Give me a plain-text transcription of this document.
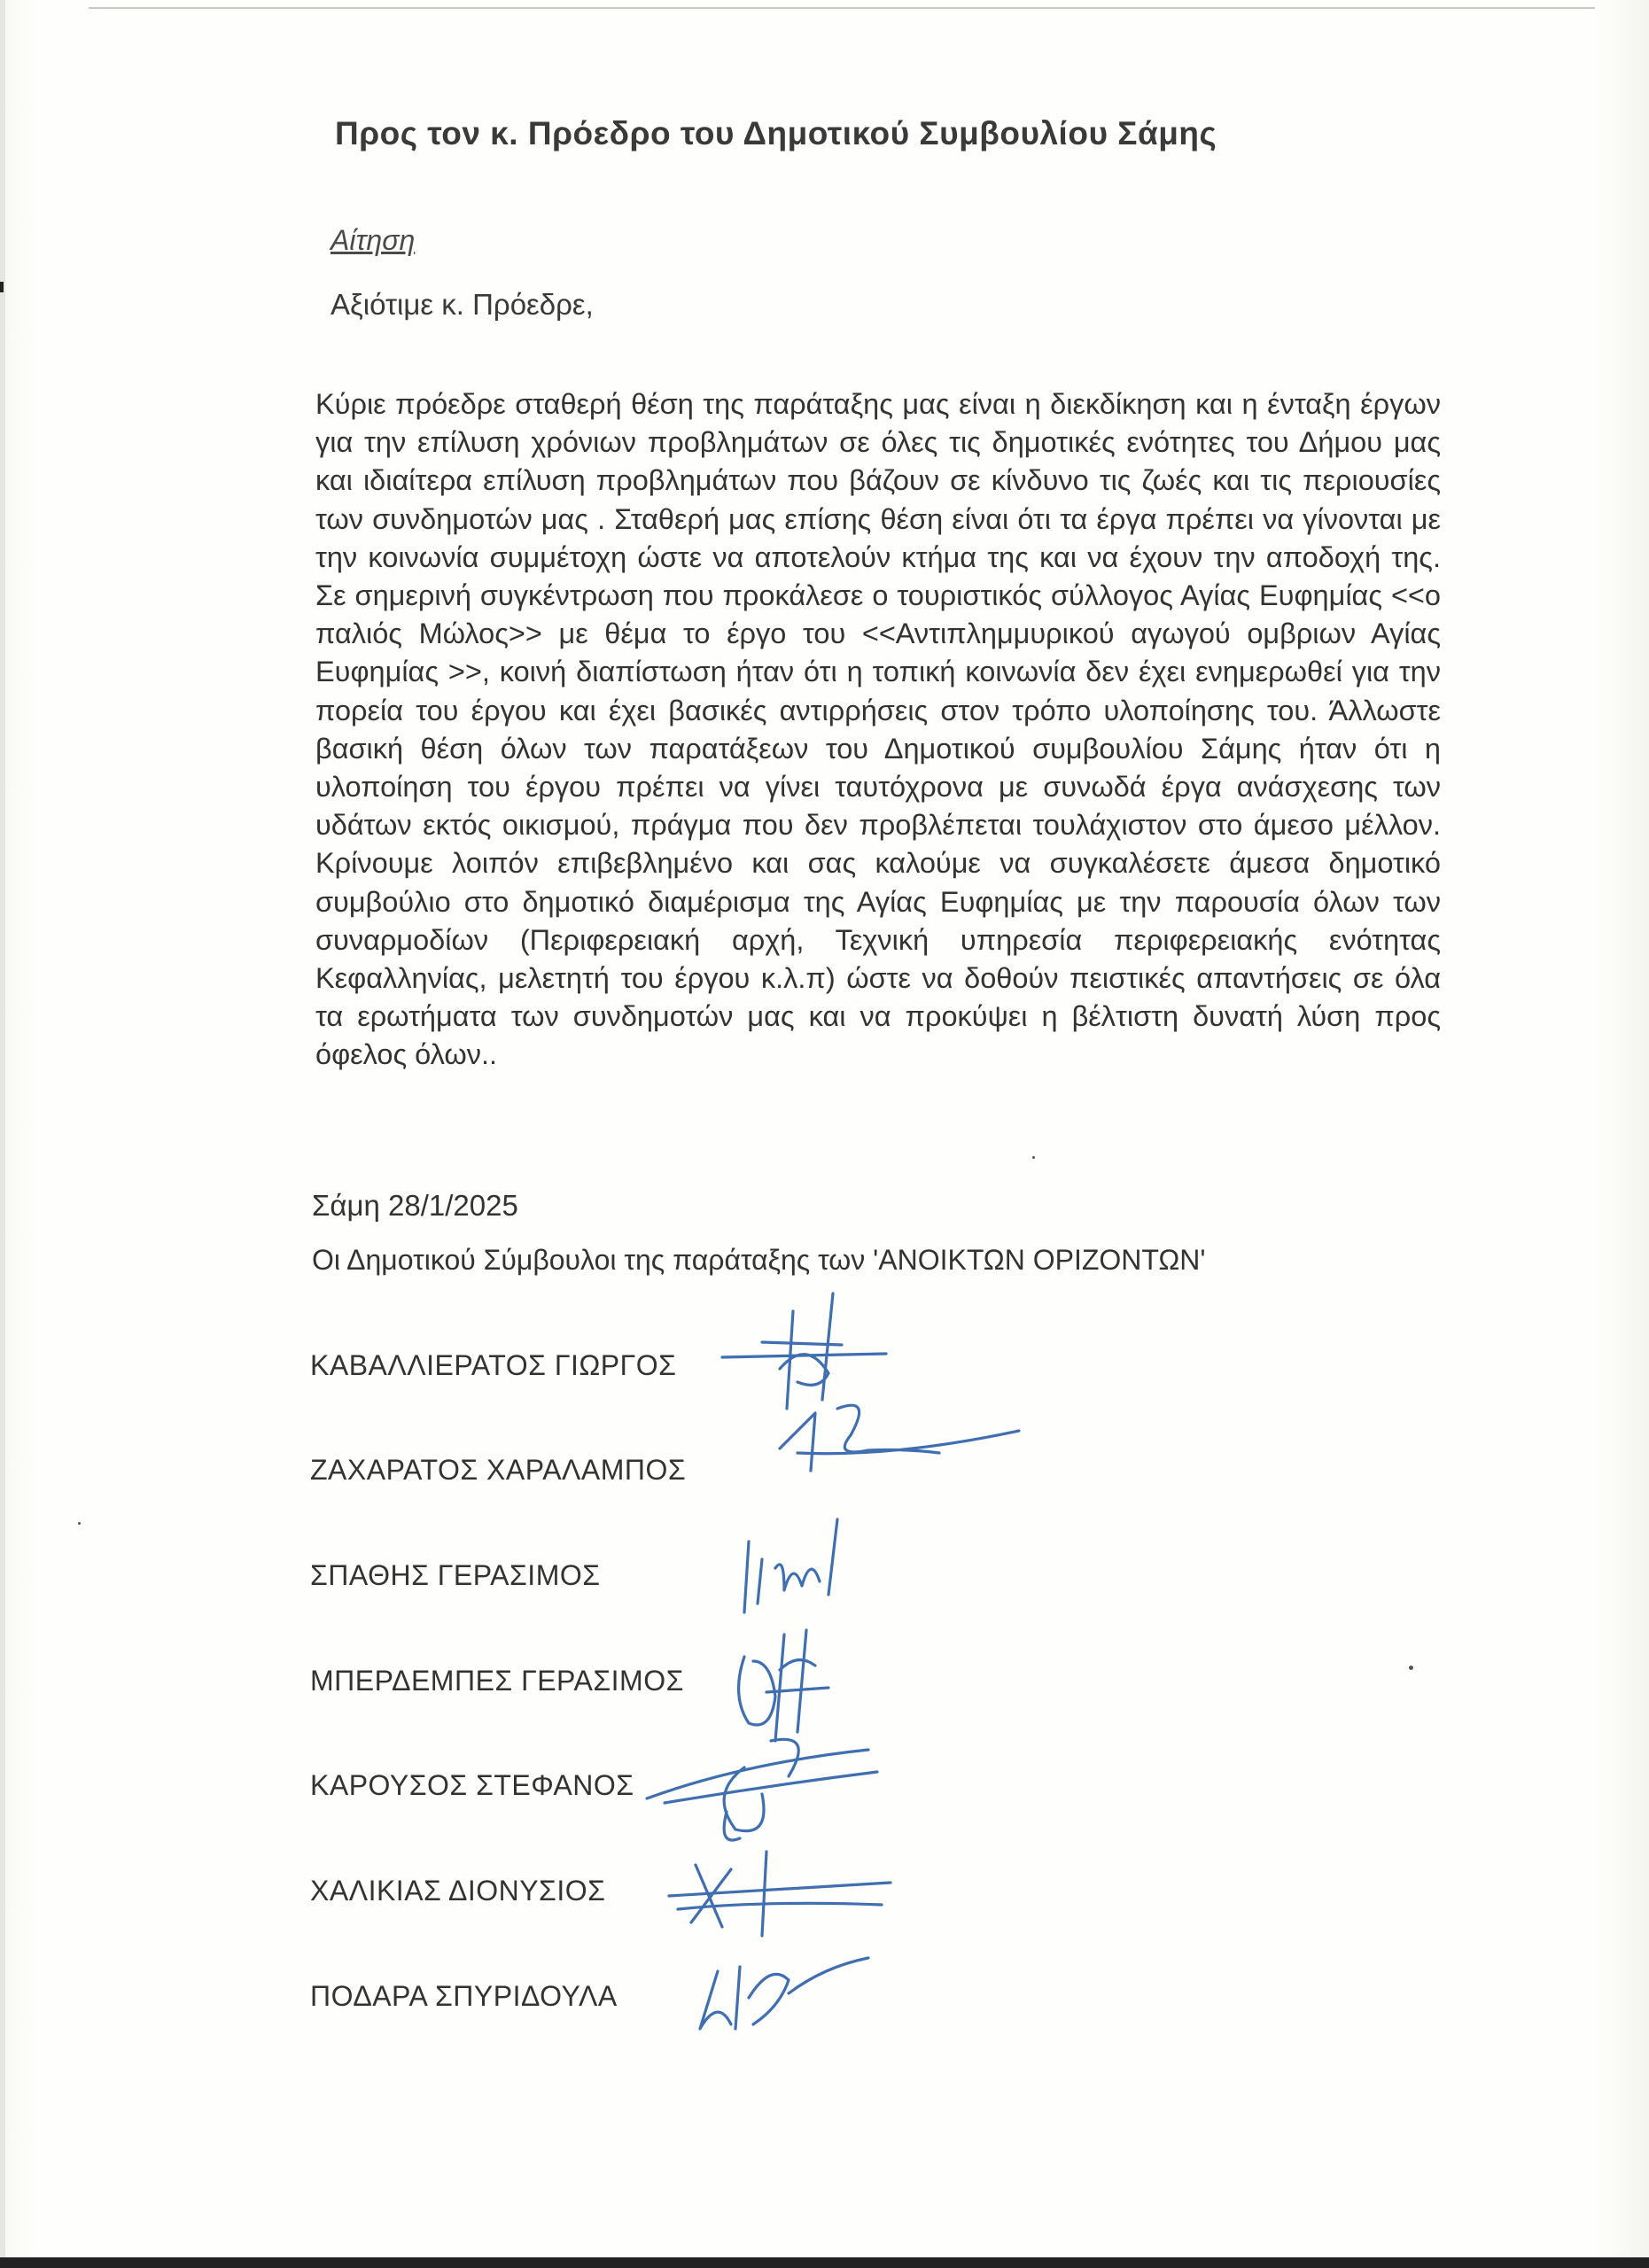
Προς τον κ. Πρόεδρο του Δημοτικού Συμβουλίου Σάμης
Αίτηση
Αξιότιμε κ. Πρόεδρε,

Κύριε πρόεδρε σταθερή θέση της παράταξης μας είναι η διεκδίκηση και η ένταξη έργων για την επίλυση χρόνιων προβλημάτων σε όλες τις δημοτικές ενότητες του Δήμου μας και ιδιαίτερα επίλυση προβλημάτων που βάζουν σε κίνδυνο τις ζωές και τις περιουσίες των συνδημοτών μας . Σταθερή μας επίσης θέση είναι ότι τα έργα πρέπει να γίνονται με την κοινωνία συμμέτοχη ώστε να αποτελούν κτήμα της και να έχουν την αποδοχή της. Σε σημερινή συγκέντρωση που προκάλεσε ο τουριστικός σύλλογος Αγίας Ευφημίας <<ο παλιός Μώλος>> με θέμα το έργο του <<Αντιπλημμυρικού αγωγού ομβριων Αγίας Ευφημίας >>, κοινή διαπίστωση ήταν ότι η τοπική κοινωνία δεν έχει ενημερωθεί για την πορεία του έργου και έχει βασικές αντιρρήσεις στον τρόπο υλοποίησης του. Άλλωστε βασική θέση όλων των παρατάξεων του Δημοτικού συμβουλίου Σάμης ήταν ότι η υλοποίηση του έργου πρέπει να γίνει ταυτόχρονα με συνωδά έργα ανάσχεσης των υδάτων εκτός οικισμού, πράγμα που δεν προβλέπεται τουλάχιστον στο άμεσο μέλλον. Κρίνουμε λοιπόν επιβεβλημένο και σας καλούμε να συγκαλέσετε άμεσα δημοτικό συμβούλιο στο δημοτικό διαμέρισμα της Αγίας Ευφημίας με την παρουσία όλων των συναρμοδίων (Περιφερειακή αρχή, Τεχνική υπηρεσία περιφερειακής ενότητας Κεφαλληνίας, μελετητή του έργου κ.λ.π) ώστε να δοθούν πειστικές απαντήσεις σε όλα τα ερωτήματα των συνδημοτών μας και να προκύψει η βέλτιστη δυνατή λύση προς όφελος όλων..

Σάμη 28/1/2025
Οι Δημοτικού Σύμβουλοι της παράταξης των 'ΑΝΟΙΚΤΩΝ ΟΡΙΖΟΝΤΩΝ'
ΚΑΒΑΛΛΙΕΡΑΤΟΣ ΓΙΩΡΓΟΣ
ΖΑΧΑΡΑΤΟΣ ΧΑΡΑΛΑΜΠΟΣ
ΣΠΑΘΗΣ ΓΕΡΑΣΙΜΟΣ
ΜΠΕΡΔΕΜΠΕΣ ΓΕΡΑΣΙΜΟΣ
ΚΑΡΟΥΣΟΣ ΣΤΕΦΑΝΟΣ
ΧΑΛΙΚΙΑΣ ΔΙΟΝΥΣΙΟΣ
ΠΟΔΑΡΑ ΣΠΥΡΙΔΟΥΛΑ
